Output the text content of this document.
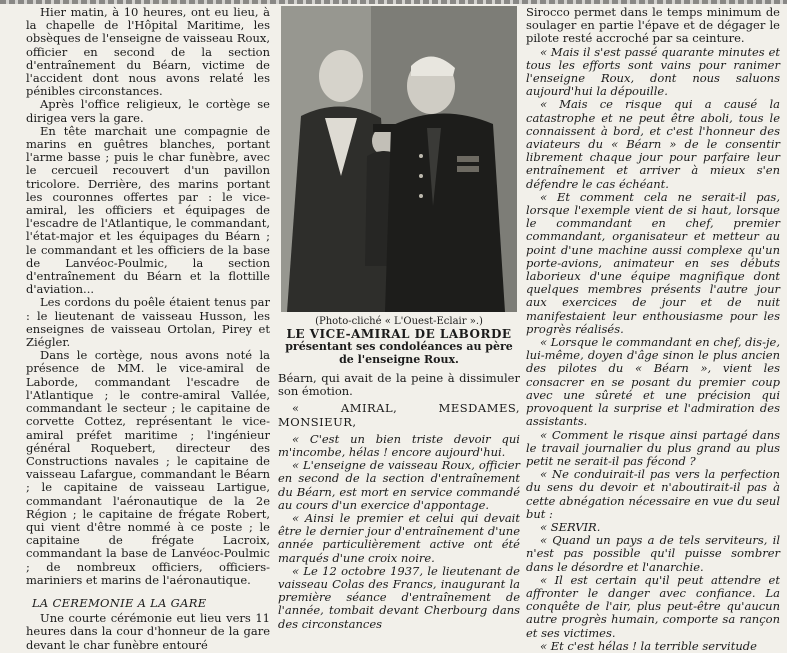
Hier matin, à 10 heures, ont eu lieu, à la chapelle de l'Hôpital Maritime, les obsèques de l'enseigne de vaisseau Roux, officier en second de la section d'entraînement du Béarn, victime de l'accident dont nous avons relaté les pénibles circonstances.

Après l'office religieux, le cortège se dirigea vers la gare.

En tête marchait une compagnie de marins en guêtres blanches, portant l'arme basse ; puis le char funèbre, avec le cercueil recouvert d'un pavillon tricolore. Derrière, des marins portant les couronnes offertes par : le vice-amiral, les officiers et équipages de l'escadre de l'Atlantique, le commandant, l'état-major et les équipages du Béarn ; le commandant et les officiers de la base de Lanvéoc-Poulmic, la section d'entraînement du Béarn et la flottille d'aviation...

Les cordons du poêle étaient tenus par : le lieutenant de vaisseau Husson, les enseignes de vaisseau Ortolan, Pirey et Ziégler.

Dans le cortège, nous avons noté la présence de MM. le vice-amiral de Laborde, commandant l'escadre de l'Atlantique ; le contre-amiral Vallée, commandant le secteur ; le capitaine de corvette Cottez, représentant le vice-amiral préfet maritime ; l'ingénieur général Roquebert, directeur des Constructions navales ; le capitaine de vaisseau Lafargue, commandant le Béarn ; le capitaine de vaisseau Lartigue, commandant l'aéronautique de la 2e Région ; le capitaine de frégate Robert, qui vient d'être nommé à ce poste ; le capitaine de frégate Lacroix, commandant la base de Lanvéoc-Poulmic ; de nombreux officiers, officiers-mariniers et marins de l'aéronautique.

LA CEREMONIE A LA GARE

Une courte cérémonie eut lieu vers 11 heures dans la cour d'honneur de la gare devant le char funèbre entouré

(Photo-cliché « L'Ouest-Eclair ».)
LE VICE-AMIRAL DE LABORDE
présentant ses condoléances au père de l'enseigne Roux.

Béarn, qui avait de la peine à dissimuler son émotion.

« AMIRAL, MESDAMES, MONSIEUR,

« C'est un bien triste devoir qui m'incombe, hélas ! encore aujourd'hui.

« L'enseigne de vaisseau Roux, officier en second de la section d'entraînement du Béarn, est mort en service commandé au cours d'un exercice d'appontage.

« Ainsi le premier et celui qui devait être le dernier jour d'entraînement d'une année particulièrement active ont été marqués d'une croix noire.

« Le 12 octobre 1937, le lieutenant de vaisseau Colas des Francs, inaugurant la première séance d'entraînement de l'année, tombait devant Cherbourg dans des circonstances

Sirocco permet dans le temps minimum de soulager en partie l'épave et de dégager le pilote resté accroché par sa ceinture.

« Mais il s'est passé quarante minutes et tous les efforts sont vains pour ranimer l'enseigne Roux, dont nous saluons aujourd'hui la dépouille.

« Mais ce risque qui a causé la catastrophe et ne peut être aboli, tous le connaissent à bord, et c'est l'honneur des aviateurs du « Béarn » de le consentir librement chaque jour pour parfaire leur entraînement et arriver à mieux s'en défendre le cas échéant.

« Et comment cela ne serait-il pas, lorsque l'exemple vient de si haut, lorsque le commandant en chef, premier commandant, organisateur et metteur au point d'une machine aussi complexe qu'un porte-avions, animateur en ses débuts laborieux d'une équipe magnifique dont quelques membres présents l'autre jour aux exercices de jour et de nuit manifestaient leur enthousiasme pour les progrès réalisés.

« Lorsque le commandant en chef, dis-je, lui-même, doyen d'âge sinon le plus ancien des pilotes du « Béarn », vient les consacrer en se posant du premier coup avec une sûreté et une précision qui provoquent la surprise et l'admiration des assistants.

« Comment le risque ainsi partagé dans le travail journalier du plus grand au plus petit ne serait-il pas fécond ?

« Ne conduirait-il pas vers la perfection du sens du devoir et n'aboutirait-il pas à cette abnégation nécessaire en vue du seul but :

« SERVIR.

« Quand un pays a de tels serviteurs, il n'est pas possible qu'il puisse sombrer dans le désordre et l'anarchie.

« Il est certain qu'il peut attendre et affronter le danger avec confiance. La conquête de l'air, plus peut-être qu'aucun autre progrès humain, comporte sa rançon et ses victimes.

« Et c'est hélas ! la terrible servitude
